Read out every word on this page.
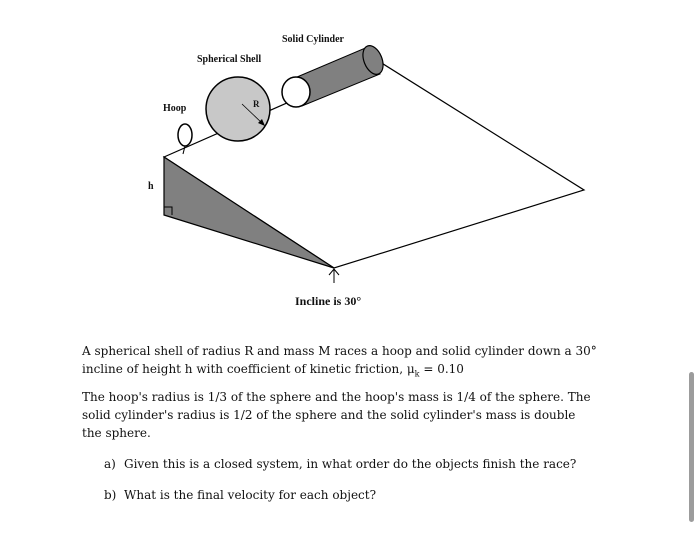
Solid Cylinder
Spherical Shell
R
Hoop
h
Incline is 30°
A spherical shell of radius R and mass M races a hoop and solid cylinder down a 30°
incline of height h with coefficient of kinetic friction, $\mu_k = 0.10$

The hoop's radius is 1/3 of the sphere and the hoop's mass is 1/4 of the sphere. The solid cylinder's radius is 1/2 of the sphere and the solid cylinder's mass is double the sphere.

a) Given this is a closed system, in what order do the objects finish the race?
b) What is the final velocity for each object?
